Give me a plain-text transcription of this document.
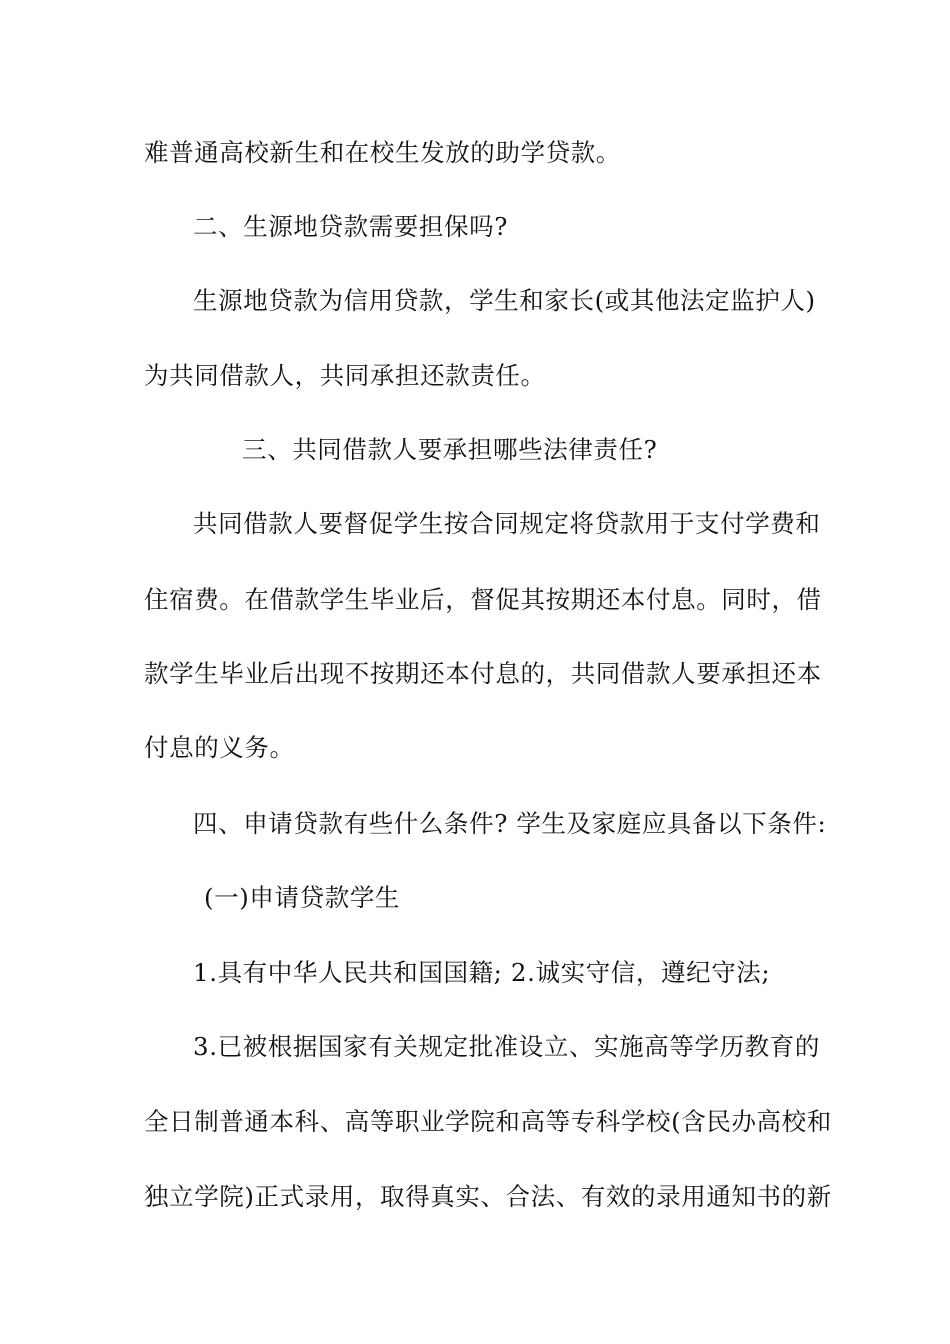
难普通高校新生和在校生发放的助学贷款。
二、生源地贷款需要担保吗?
生源地贷款为信用贷款，学生和家长(或其他法定监护人)
为共同借款人，共同承担还款责任。
三、共同借款人要承担哪些法律责任?
共同借款人要督促学生按合同规定将贷款用于支付学费和
住宿费。在借款学生毕业后，督促其按期还本付息。同时，借
款学生毕业后出现不按期还本付息的，共同借款人要承担还本
付息的义务。
四、申请贷款有些什么条件? 学生及家庭应具备以下条件:
(一)申请贷款学生
1.具有中华人民共和国国籍; 2.诚实守信，遵纪守法;
3.已被根据国家有关规定批准设立、实施高等学历教育的
全日制普通本科、高等职业学院和高等专科学校(含民办高校和
独立学院)正式录用，取得真实、合法、有效的录用通知书的新
